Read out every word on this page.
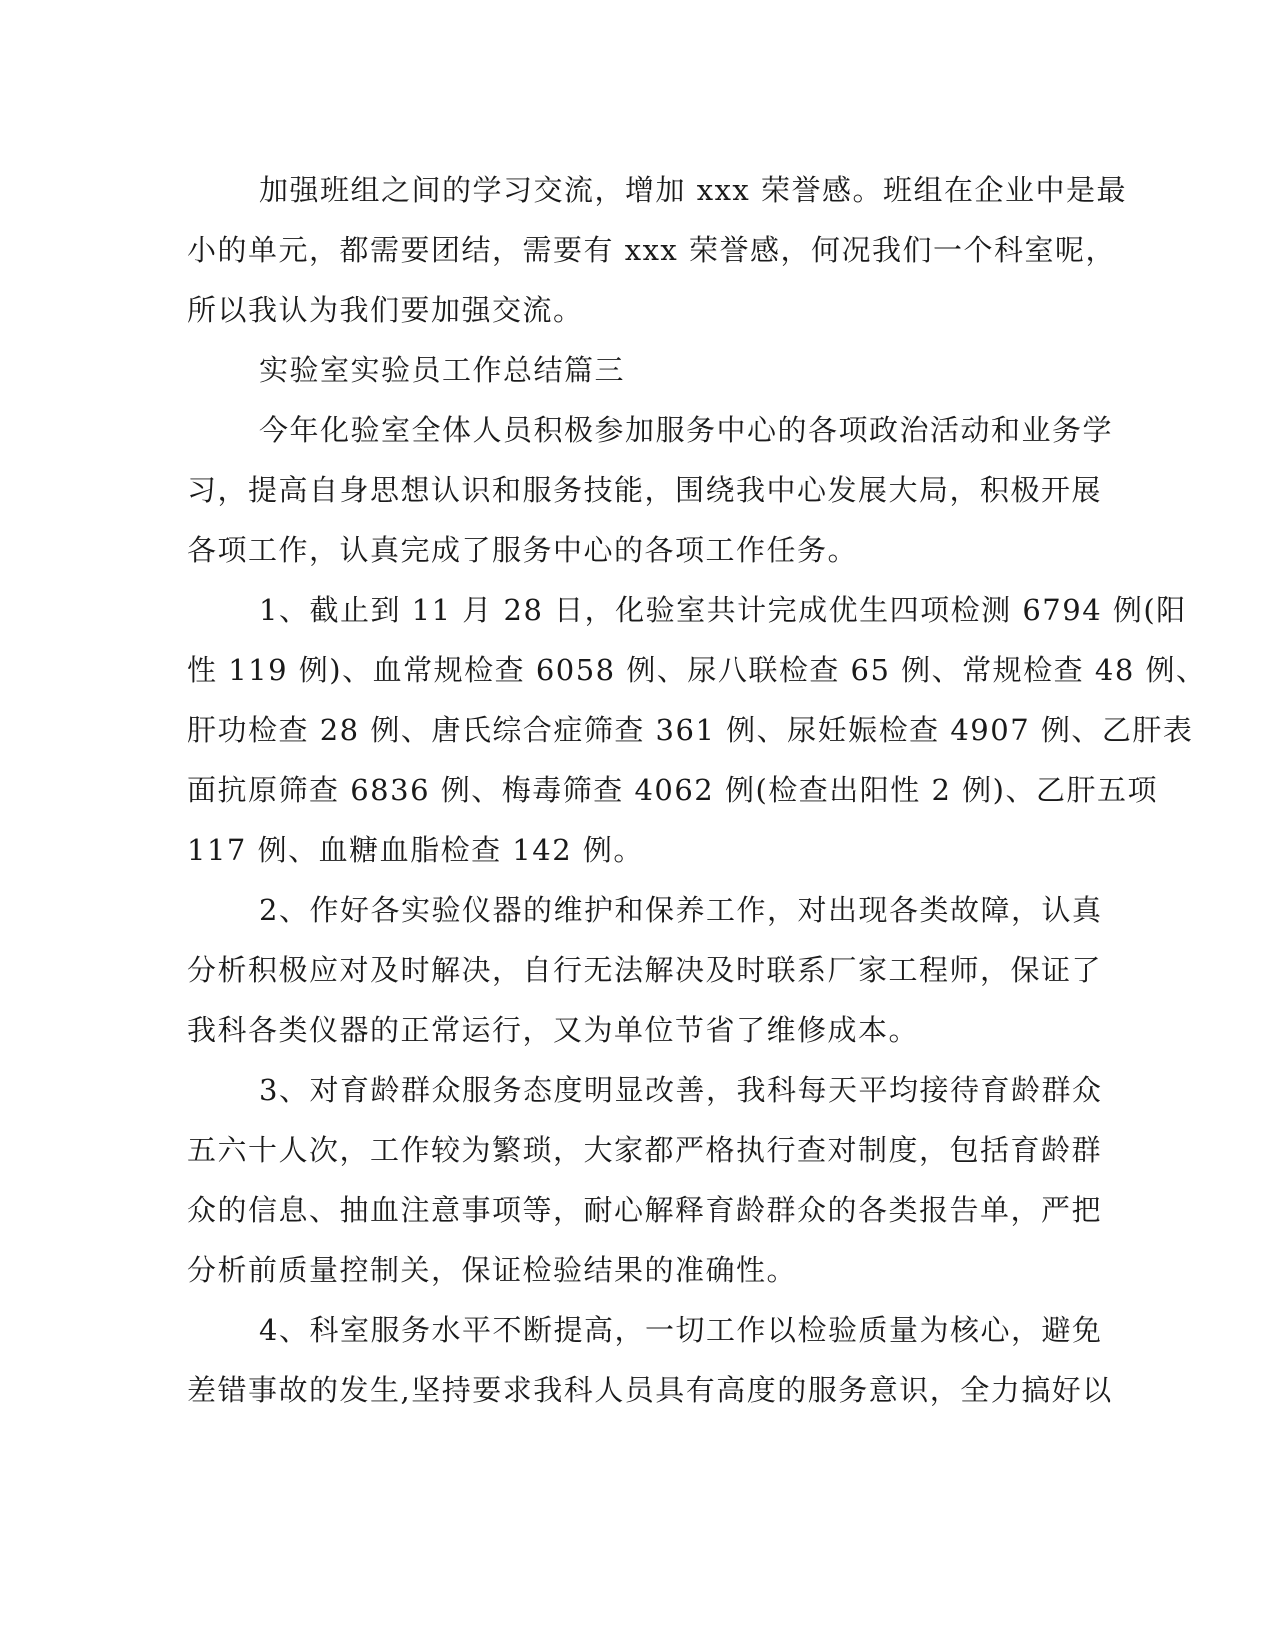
加强班组之间的学习交流，增加 xxx 荣誉感。班组在企业中是最
小的单元，都需要团结，需要有 xxx 荣誉感，何况我们一个科室呢，
所以我认为我们要加强交流。
实验室实验员工作总结篇三
今年化验室全体人员积极参加服务中心的各项政治活动和业务学
习，提高自身思想认识和服务技能，围绕我中心发展大局，积极开展
各项工作，认真完成了服务中心的各项工作任务。
1、截止到 11 月 28 日，化验室共计完成优生四项检测 6794 例(阳
性 119 例)、血常规检查 6058 例、尿八联检查 65 例、常规检查 48 例、
肝功检查 28 例、唐氏综合症筛查 361 例、尿妊娠检查 4907 例、乙肝表
面抗原筛查 6836 例、梅毒筛查 4062 例(检查出阳性 2 例)、乙肝五项
117 例、血糖血脂检查 142 例。
2、作好各实验仪器的维护和保养工作，对出现各类故障，认真
分析积极应对及时解决，自行无法解决及时联系厂家工程师，保证了
我科各类仪器的正常运行，又为单位节省了维修成本。
3、对育龄群众服务态度明显改善，我科每天平均接待育龄群众
五六十人次，工作较为繁琐，大家都严格执行查对制度，包括育龄群
众的信息、抽血注意事项等，耐心解释育龄群众的各类报告单，严把
分析前质量控制关，保证检验结果的准确性。
4、科室服务水平不断提高，一切工作以检验质量为核心，避免
差错事故的发生,坚持要求我科人员具有高度的服务意识，全力搞好以
